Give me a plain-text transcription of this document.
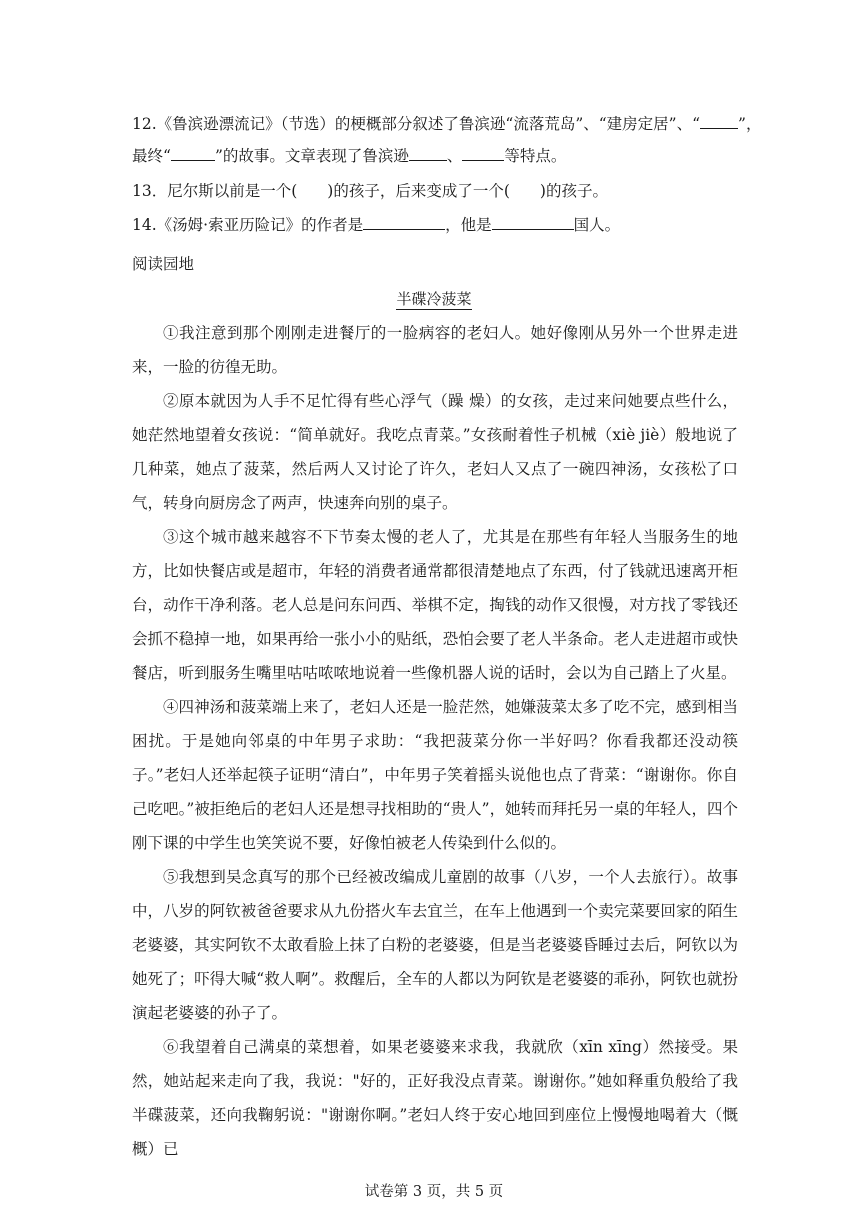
12.《鲁滨逊漂流记》（节选）的梗概部分叙述了鲁滨逊“流落荒岛”、“建房定居”、“ ”，
最终“	”的故事。文章表现了鲁滨逊 、	等特点。
13．尼尔斯以前是一个( )的孩子，后来变成了一个( )的孩子。
14.《汤姆·索亚历险记》的作者是	，他是	国人。
阅读园地
半碟冷菠菜

①我注意到那个刚刚走进餐厅的一脸病容的老妇人。她好像刚从另外一个世界走进来，一脸的彷徨无助。

②原本就因为人手不足忙得有些心浮气（躁 燥）的女孩，走过来问她要点些什么，她茫然地望着女孩说：“简单就好。我吃点青菜。”女孩耐着性子机械（xiè jiè）般地说了几种菜，她点了菠菜，然后两人又讨论了许久，老妇人又点了一碗四神汤，女孩松了口气，转身向厨房念了两声，快速奔向别的桌子。

③这个城市越来越容不下节奏太慢的老人了，尤其是在那些有年轻人当服务生的地方，比如快餐店或是超市，年轻的消费者通常都很清楚地点了东西，付了钱就迅速离开柜台，动作干净利落。老人总是问东问西、举棋不定，掏钱的动作又很慢，对方找了零钱还会抓不稳掉一地，如果再给一张小小的贴纸，恐怕会要了老人半条命。老人走进超市或快餐店，听到服务生嘴里咕咕哝哝地说着一些像机器人说的话时，会以为自己踏上了火星。

④四神汤和菠菜端上来了，老妇人还是一脸茫然，她嫌菠菜太多了吃不完，感到相当困扰。于是她向邻桌的中年男子求助：“我把菠菜分你一半好吗？你看我都还没动筷子。”老妇人还举起筷子证明“清白”，中年男子笑着摇头说他也点了背菜：“谢谢你。你自己吃吧。”被拒绝后的老妇人还是想寻找相助的“贵人”，她转而拜托另一桌的年轻人，四个刚下课的中学生也笑笑说不要，好像怕被老人传染到什么似的。

⑤我想到吴念真写的那个已经被改编成儿童剧的故事（八岁，一个人去旅行）。故事中，八岁的阿钦被爸爸要求从九份搭火车去宜兰，在车上他遇到一个卖完菜要回家的陌生老婆婆，其实阿钦不太敢看脸上抹了白粉的老婆婆，但是当老婆婆昏睡过去后，阿钦以为她死了；吓得大喊“救人啊”。救醒后，全车的人都以为阿钦是老婆婆的乖孙，阿钦也就扮演起老婆婆的孙子了。

⑥我望着自己满桌的菜想着，如果老婆婆来求我，我就欣（xīn xīng）然接受。果然，她站起来走向了我，我说："好的，正好我没点青菜。谢谢你。”她如释重负般给了我半碟菠菜，还向我鞠躬说："谢谢你啊。”老妇人终于安心地回到座位上慢慢地喝着大（慨 概）已

试卷第 3 页，共 5 页
